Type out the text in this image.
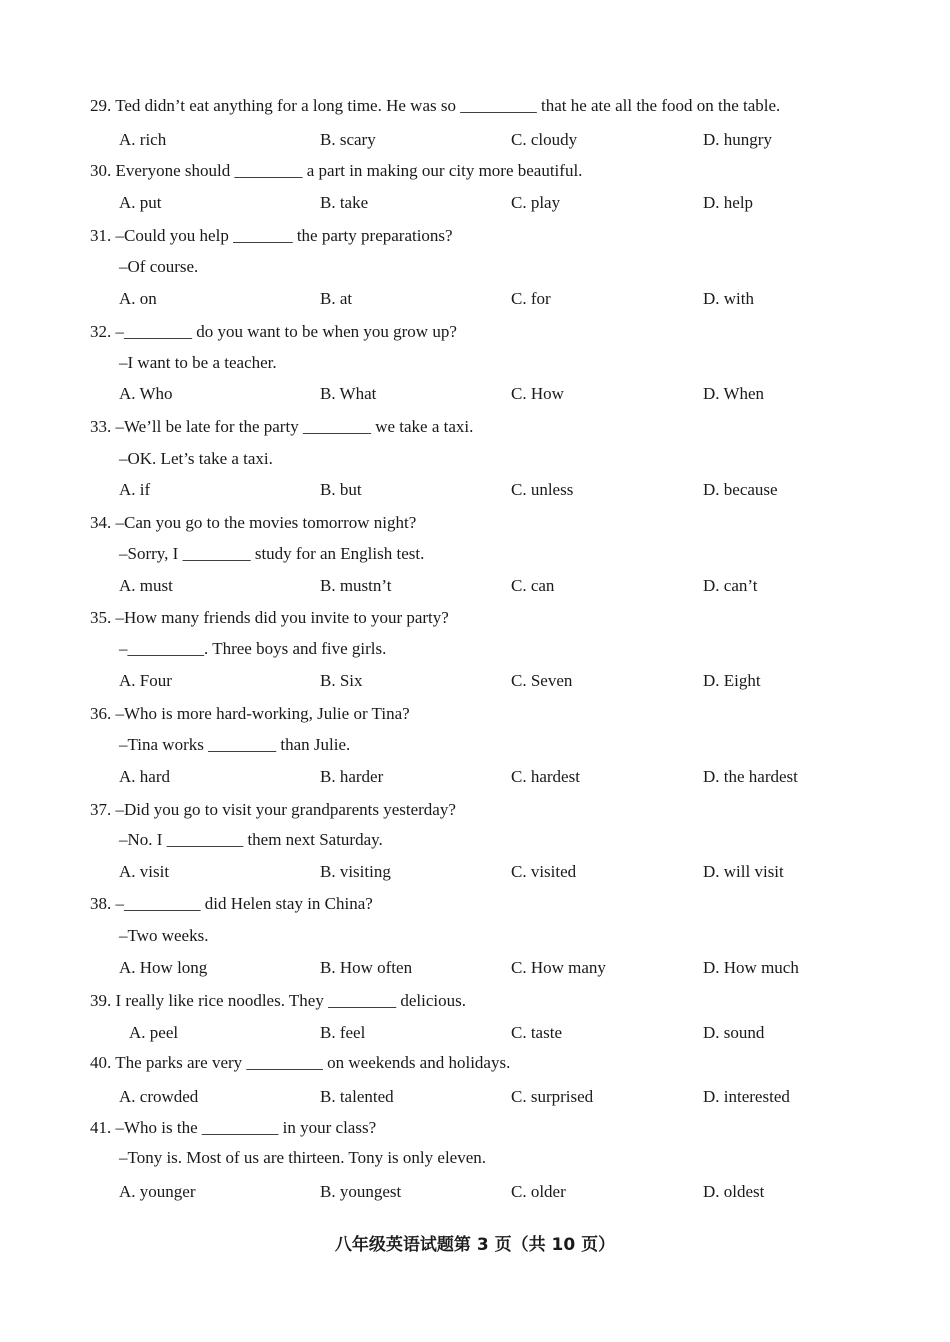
29. Ted didn’t eat anything for a long time. He was so _________ that he ate all the food on the table.
A. rich	B. scary	C. cloudy	D. hungry
30. Everyone should ________ a part in making our city more beautiful.
A. put	B. take	C. play	D. help
31. –Could you help _______ the party preparations?
–Of course.
A. on	B. at	C. for	D. with
32. –________ do you want to be when you grow up?
–I want to be a teacher.
A. Who	B. What	C. How	D. When
33. –We’ll be late for the party ________ we take a taxi.
–OK. Let’s take a taxi.
A. if	B. but	C. unless	D. because
34. –Can you go to the movies tomorrow night?
–Sorry, I ________ study for an English test.
A. must	B. mustn’t	C. can	D. can’t
35. –How many friends did you invite to your party?
–_________. Three boys and five girls.
A. Four	B. Six	C. Seven	D. Eight
36. –Who is more hard-working, Julie or Tina?
–Tina works ________ than Julie.
A. hard	B. harder	C. hardest	D. the hardest
37. –Did you go to visit your grandparents yesterday?
–No. I _________ them next Saturday.
A. visit	B. visiting	C. visited	D. will visit
38. –_________ did Helen stay in China?
–Two weeks.
A. How long	B. How often	C. How many	D. How much
39. I really like rice noodles. They ________ delicious.
A. peel	B. feel	C. taste	D. sound
40. The parks are very _________ on weekends and holidays.
A. crowded	B. talented	C. surprised	D. interested
41. –Who is the _________ in your class?
–Tony is. Most of us are thirteen. Tony is only eleven.
A. younger	B. youngest	C. older	D. oldest
八年级英语试题第 3 页（共 10 页）
